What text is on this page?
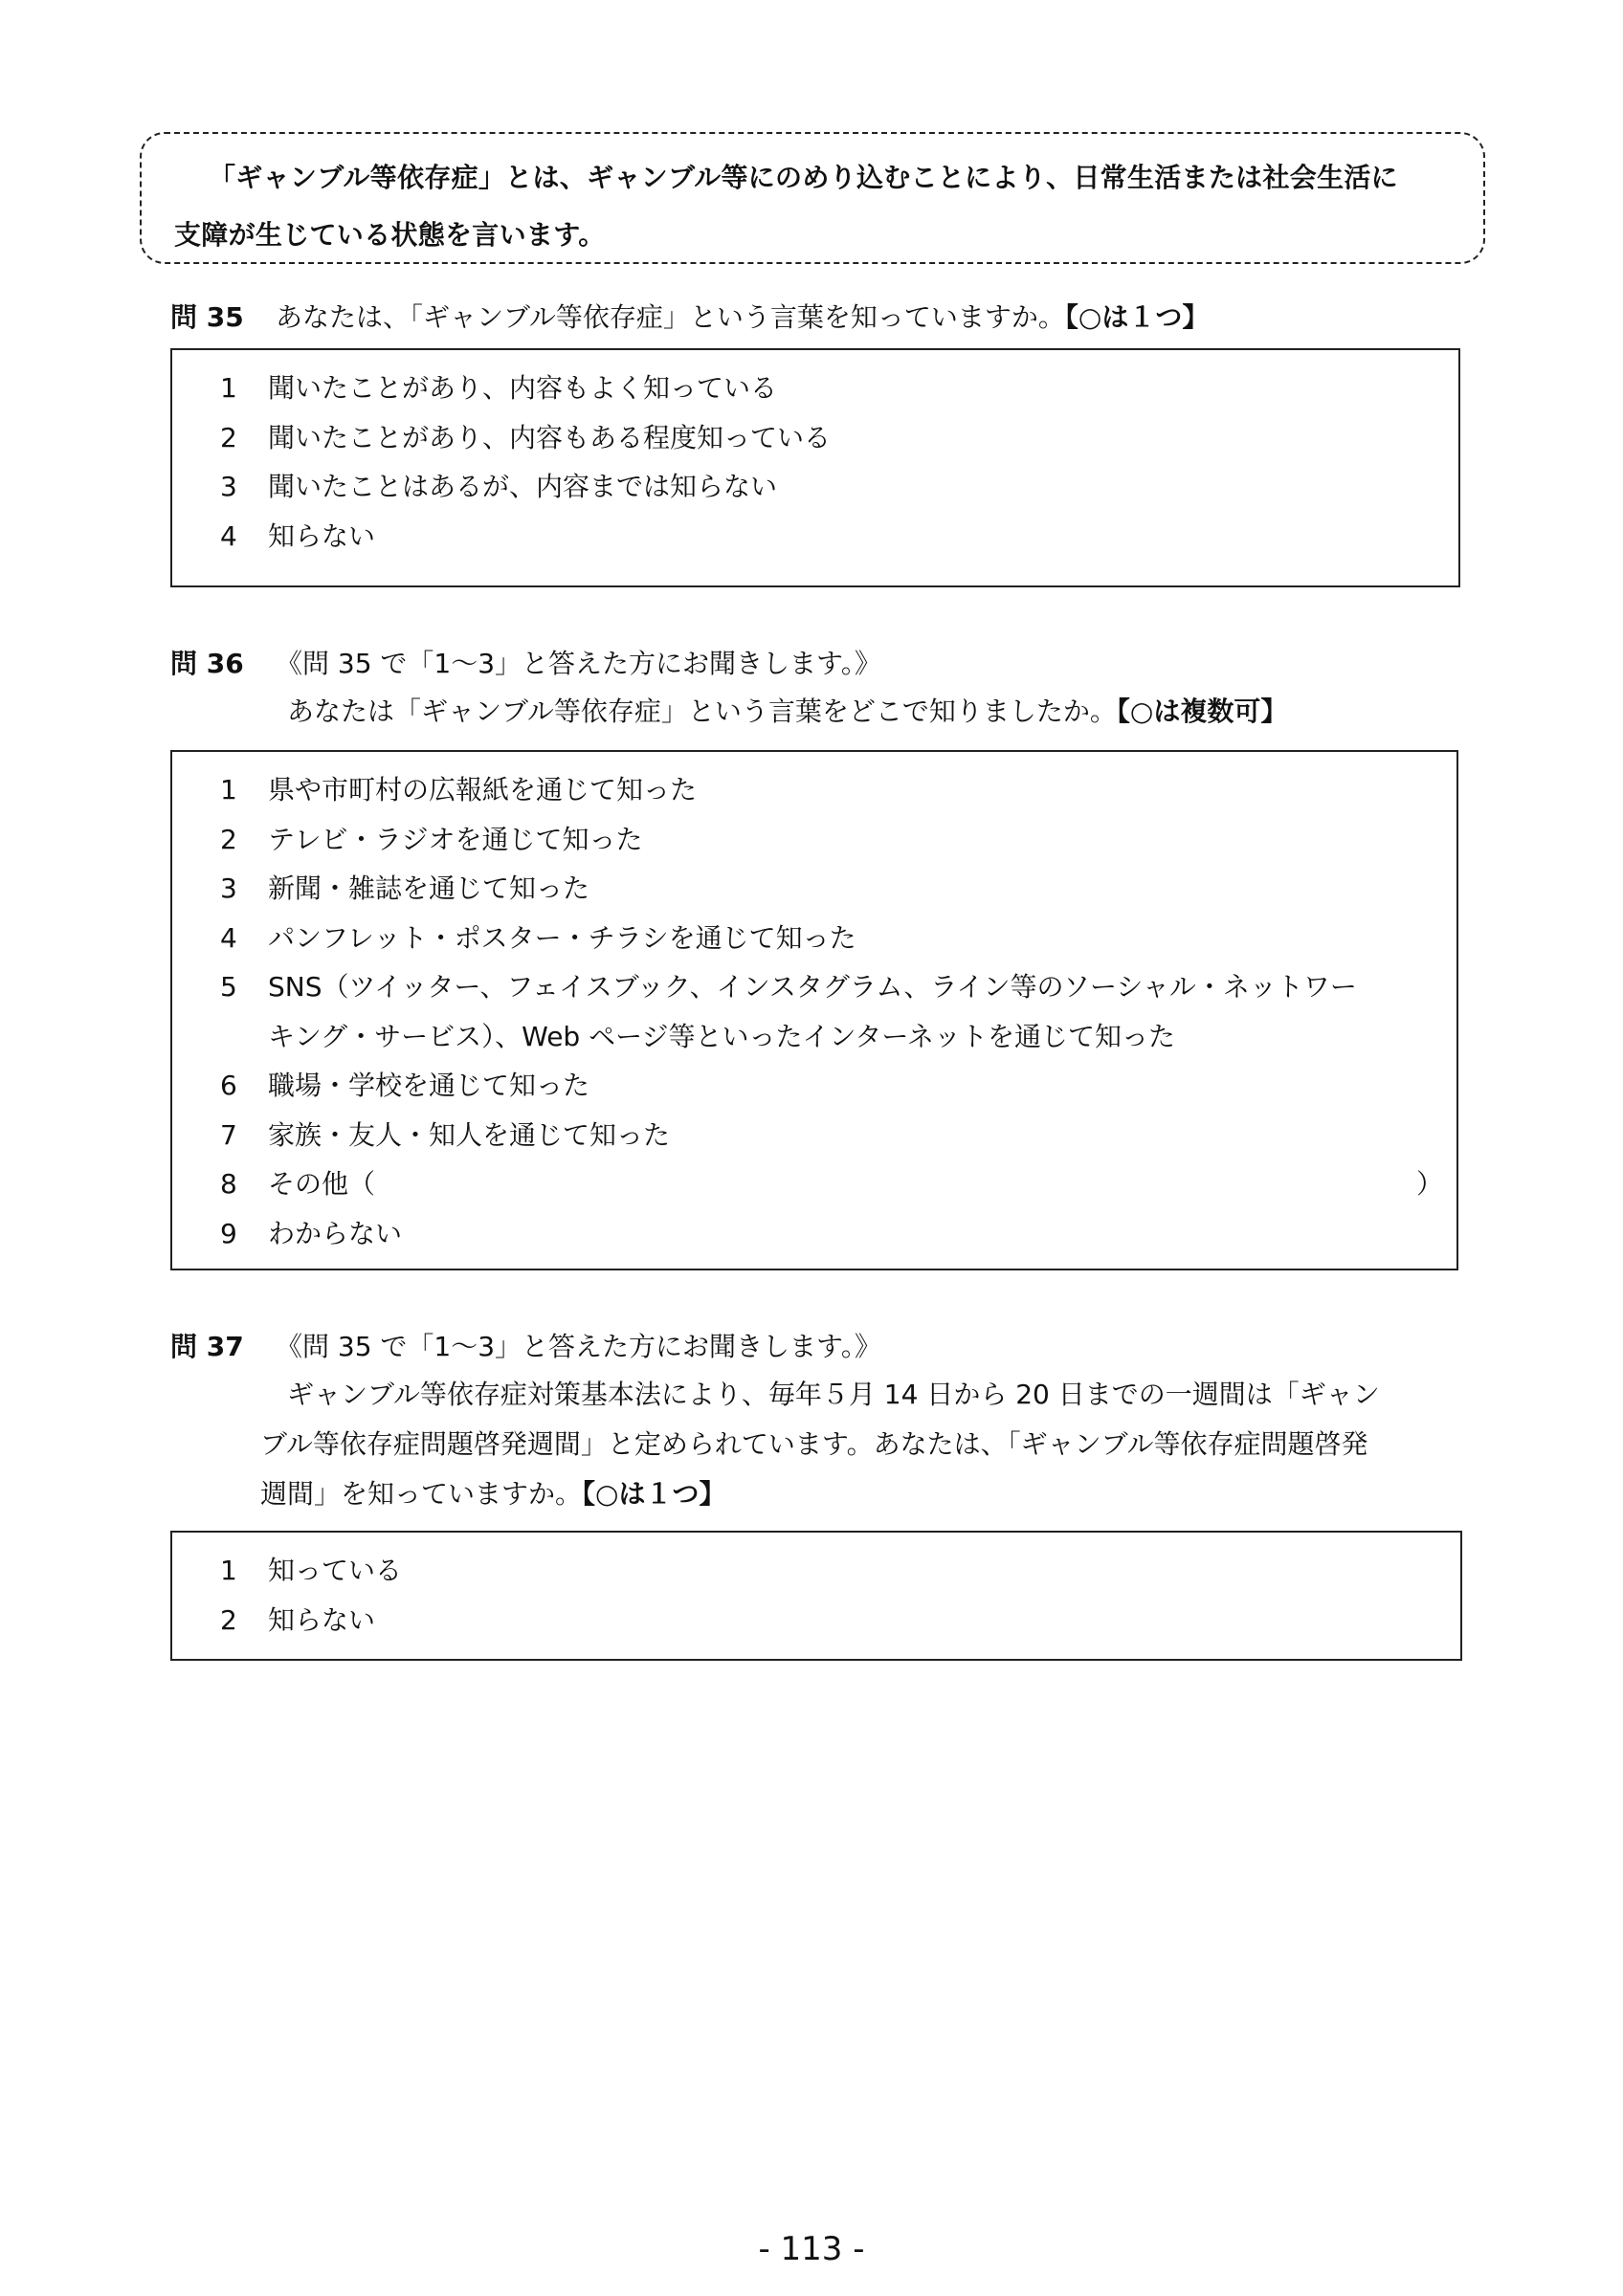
「ギャンブル等依存症」とは、ギャンブル等にのめり込むことにより、日常生活または社会生活に
支障が生じている状態を言います。
問 35 あなたは、「ギャンブル等依存症」という言葉を知っていますか。【○は１つ】
1	聞いたことがあり、内容もよく知っている
2	聞いたことがあり、内容もある程度知っている
3	聞いたことはあるが、内容までは知らない
4	知らない
問 36 《問 35 で「1～3」と答えた方にお聞きします。》
あなたは「ギャンブル等依存症」という言葉をどこで知りましたか。【○は複数可】
1	県や市町村の広報紙を通じて知った
2	テレビ・ラジオを通じて知った
3	新聞・雑誌を通じて知った
4	パンフレット・ポスター・チラシを通じて知った
5	SNS（ツイッター、フェイスブック、インスタグラム、ライン等のソーシャル・ネットワー
キング・サービス）、Web ページ等といったインターネットを通じて知った
6	職場・学校を通じて知った
7	家族・友人・知人を通じて知った
8	その他（	）
9	わからない
問 37 《問 35 で「1～3」と答えた方にお聞きします。》
ギャンブル等依存症対策基本法により、毎年５月 14 日から 20 日までの一週間は「ギャン
ブル等依存症問題啓発週間」と定められています。あなたは、「ギャンブル等依存症問題啓発
週間」を知っていますか。【○は１つ】
1	知っている
2	知らない
- 113 -
